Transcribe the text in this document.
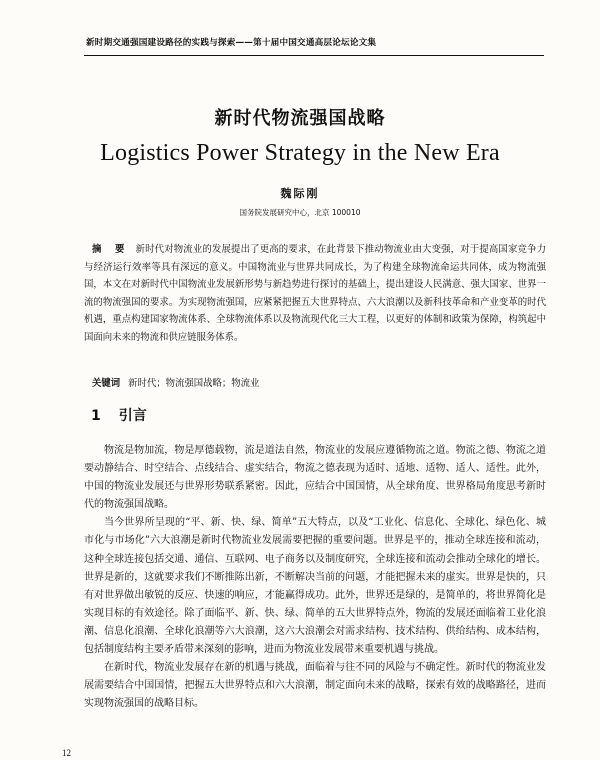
新时期交通强国建设路径的实践与探索——第十届中国交通高层论坛论文集
新时代物流强国战略
Logistics Power Strategy in the New Era
魏际刚
国务院发展研究中心，北京 100010
摘 要 新时代对物流业的发展提出了更高的要求，在此背景下推动物流业由大变强，对于提高国家竞争力与经济运行效率等具有深远的意义。中国物流业与世界共同成长，为了构建全球物流命运共同体，成为物流强国，本文在对新时代中国物流业发展新形势与新趋势进行探讨的基础上，提出建设人民满意、强大国家、世界一流的物流强国的要求。为实现物流强国，应紧紧把握五大世界特点、六大浪潮以及新科技革命和产业变革的时代机遇，重点构建国家物流体系、全球物流体系以及物流现代化三大工程，以更好的体制和政策为保障，构筑起中国面向未来的物流和供应链服务体系。
关键词 新时代；物流强国战略；物流业
1 引言

物流是物加流，物是厚德载物，流是道法自然，物流业的发展应遵循物流之道。物流之德、物流之道要动静结合、时空结合、点线结合、虚实结合，物流之德表现为适时、适地、适物、适人、适性。此外，中国的物流业发展还与世界形势联系紧密。因此，应结合中国国情，从全球角度、世界格局角度思考新时代的物流强国战略。

当今世界所呈现的“平、新、快、绿、简单”五大特点，以及“工业化、信息化、全球化、绿色化、城市化与市场化”六大浪潮是新时代物流业发展需要把握的重要问题。世界是平的，推动全球连接和流动，这种全球连接包括交通、通信、互联网、电子商务以及制度研究，全球连接和流动会推动全球化的增长。世界是新的，这就要求我们不断推陈出新，不断解决当前的问题，才能把握未来的虚实。世界是快的，只有对世界做出敏锐的反应、快速的响应，才能赢得成功。此外，世界还是绿的，是简单的，将世界简化是实现目标的有效途径。除了面临平、新、快、绿、简单的五大世界特点外，物流的发展还面临着工业化浪潮、信息化浪潮、全球化浪潮等六大浪潮，这六大浪潮会对需求结构、技术结构、供给结构、成本结构，包括制度结构主要矛盾带来深刻的影响，进而为物流业发展带来重要机遇与挑战。

在新时代，物流业发展存在新的机遇与挑战，面临着与往不同的风险与不确定性。新时代的物流业发展需要结合中国国情，把握五大世界特点和六大浪潮，制定面向未来的战略，探索有效的战略路径，进而实现物流强国的战略目标。

12
